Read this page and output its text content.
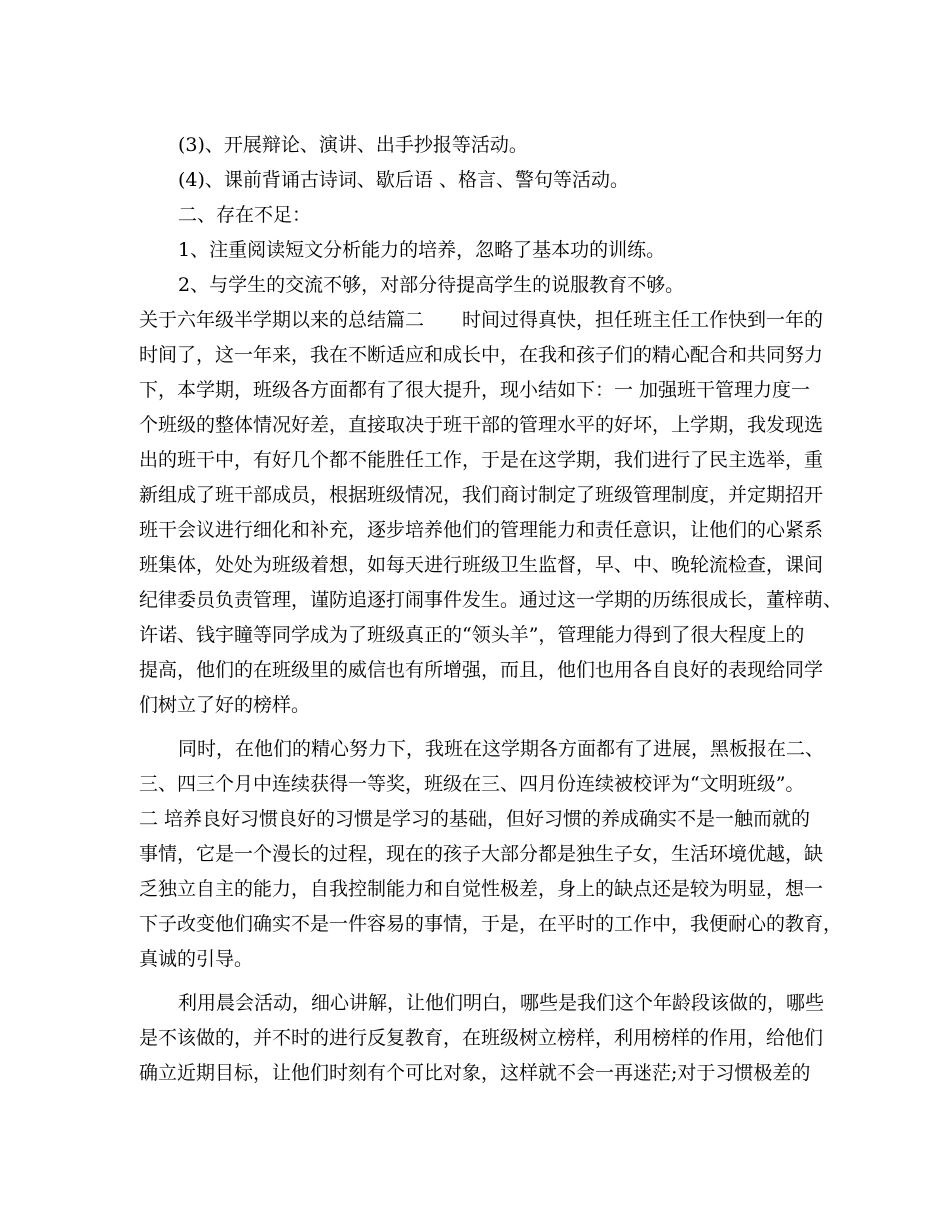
(3)、开展辩论、演讲、出手抄报等活动。
(4)、课前背诵古诗词、歇后语 、格言、警句等活动。
二、存在不足：
1、注重阅读短文分析能力的培养，忽略了基本功的训练。
2、与学生的交流不够，对部分待提高学生的说服教育不够。
关于六年级半学期以来的总结篇二　　时间过得真快，担任班主任工作快到一年的
时间了，这一年来，我在不断适应和成长中，在我和孩子们的精心配合和共同努力
下，本学期，班级各方面都有了很大提升，现小结如下：一 加强班干管理力度一
个班级的整体情况好差，直接取决于班干部的管理水平的好坏，上学期，我发现选
出的班干中，有好几个都不能胜任工作，于是在这学期，我们进行了民主选举，重
新组成了班干部成员，根据班级情况，我们商讨制定了班级管理制度，并定期招开
班干会议进行细化和补充，逐步培养他们的管理能力和责任意识，让他们的心紧系
班集体，处处为班级着想，如每天进行班级卫生监督，早、中、晚轮流检查，课间
纪律委员负责管理，谨防追逐打闹事件发生。通过这一学期的历练很成长，董梓萌、
许诺、钱宇瞳等同学成为了班级真正的“领头羊”，管理能力得到了很大程度上的
提高，他们的在班级里的威信也有所增强，而且，他们也用各自良好的表现给同学
们树立了好的榜样。
同时，在他们的精心努力下，我班在这学期各方面都有了进展，黑板报在二、
三、四三个月中连续获得一等奖，班级在三、四月份连续被校评为“文明班级”。
二 培养良好习惯良好的习惯是学习的基础，但好习惯的养成确实不是一触而就的
事情，它是一个漫长的过程，现在的孩子大部分都是独生子女，生活环境优越，缺
乏独立自主的能力，自我控制能力和自觉性极差，身上的缺点还是较为明显，想一
下子改变他们确实不是一件容易的事情，于是，在平时的工作中，我便耐心的教育，
真诚的引导。
利用晨会活动，细心讲解，让他们明白，哪些是我们这个年龄段该做的，哪些
是不该做的，并不时的进行反复教育，在班级树立榜样，利用榜样的作用，给他们
确立近期目标，让他们时刻有个可比对象，这样就不会一再迷茫;对于习惯极差的
